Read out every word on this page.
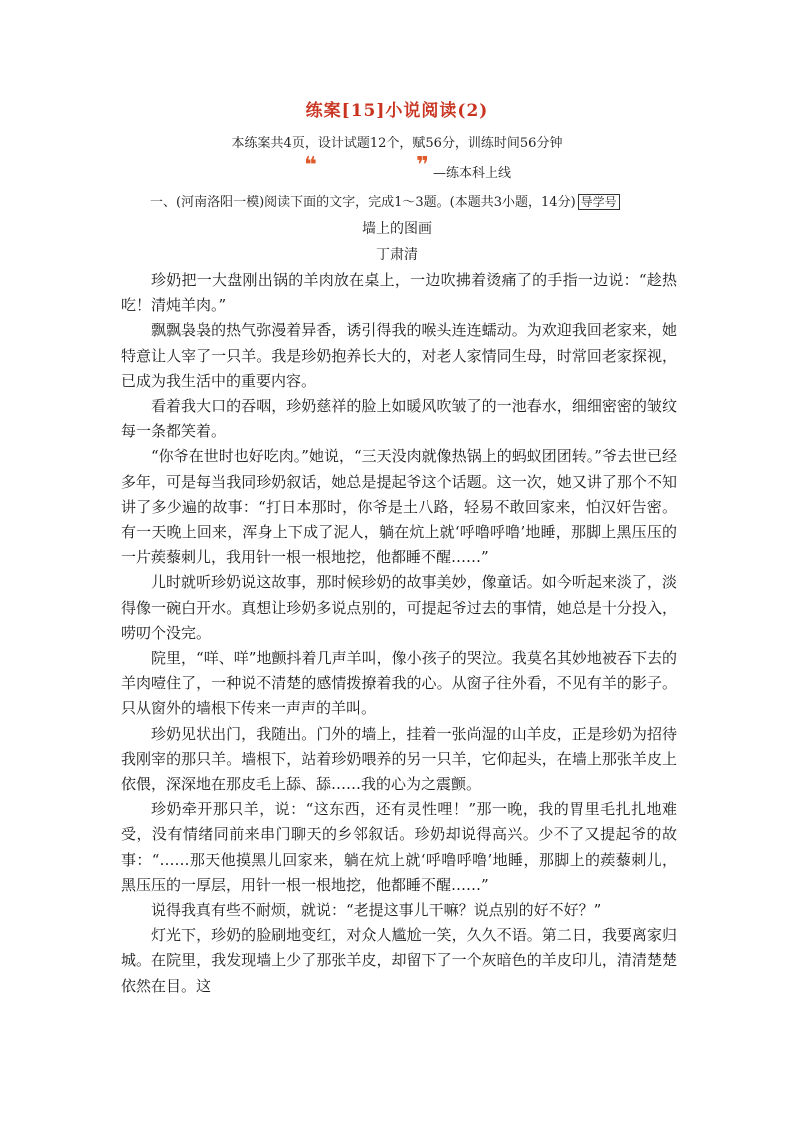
练案[15]小说阅读(2)
本练案共4页，设计试题12个，赋56分，训练时间56分钟
❝	❞ —练本科上线
一、(河南洛阳一模)阅读下面的文字，完成1～3题。(本题共3小题，14分) 导学号
墙上的图画
丁肃清

珍奶把一大盘刚出锅的羊肉放在桌上，一边吹拂着烫痛了的手指一边说：“趁热吃！清炖羊肉。”

飘飘袅袅的热气弥漫着异香，诱引得我的喉头连连蠕动。为欢迎我回老家来，她特意让人宰了一只羊。我是珍奶抱养长大的，对老人家情同生母，时常回老家探视，已成为我生活中的重要内容。

看着我大口的吞咽，珍奶慈祥的脸上如暖风吹皱了的一池春水，细细密密的皱纹每一条都笑着。

“你爷在世时也好吃肉。”她说，“三天没肉就像热锅上的蚂蚁团团转。”爷去世已经多年，可是每当我同珍奶叙话，她总是提起爷这个话题。这一次，她又讲了那个不知讲了多少遍的故事：“打日本那时，你爷是土八路，轻易不敢回家来，怕汉奸告密。有一天晚上回来，浑身上下成了泥人，躺在炕上就‘呼噜呼噜’地睡，那脚上黑压压的一片蒺藜刺儿，我用针一根一根地挖，他都睡不醒……”

儿时就听珍奶说这故事，那时候珍奶的故事美妙，像童话。如今听起来淡了，淡得像一碗白开水。真想让珍奶多说点别的，可提起爷过去的事情，她总是十分投入，唠叨个没完。

院里，“咩、咩”地颤抖着几声羊叫，像小孩子的哭泣。我莫名其妙地被吞下去的羊肉噎住了，一种说不清楚的感情拨撩着我的心。从窗子往外看，不见有羊的影子。只从窗外的墙根下传来一声声的羊叫。

珍奶见状出门，我随出。门外的墙上，挂着一张尚湿的山羊皮，正是珍奶为招待我刚宰的那只羊。墙根下，站着珍奶喂养的另一只羊，它仰起头，在墙上那张羊皮上依偎，深深地在那皮毛上舔、舔……我的心为之震颤。

珍奶牵开那只羊，说：“这东西，还有灵性哩！”那一晚，我的胃里毛扎扎地难受，没有情绪同前来串门聊天的乡邻叙话。珍奶却说得高兴。少不了又提起爷的故事：“……那天他摸黑儿回家来，躺在炕上就‘呼噜呼噜’地睡，那脚上的蒺藜刺儿，黑压压的一厚层，用针一根一根地挖，他都睡不醒……”

说得我真有些不耐烦，就说：“老提这事儿干嘛？说点别的好不好？”

灯光下，珍奶的脸刷地变红，对众人尴尬一笑，久久不语。第二日，我要离家归城。在院里，我发现墙上少了那张羊皮，却留下了一个灰暗色的羊皮印儿，清清楚楚依然在目。这
